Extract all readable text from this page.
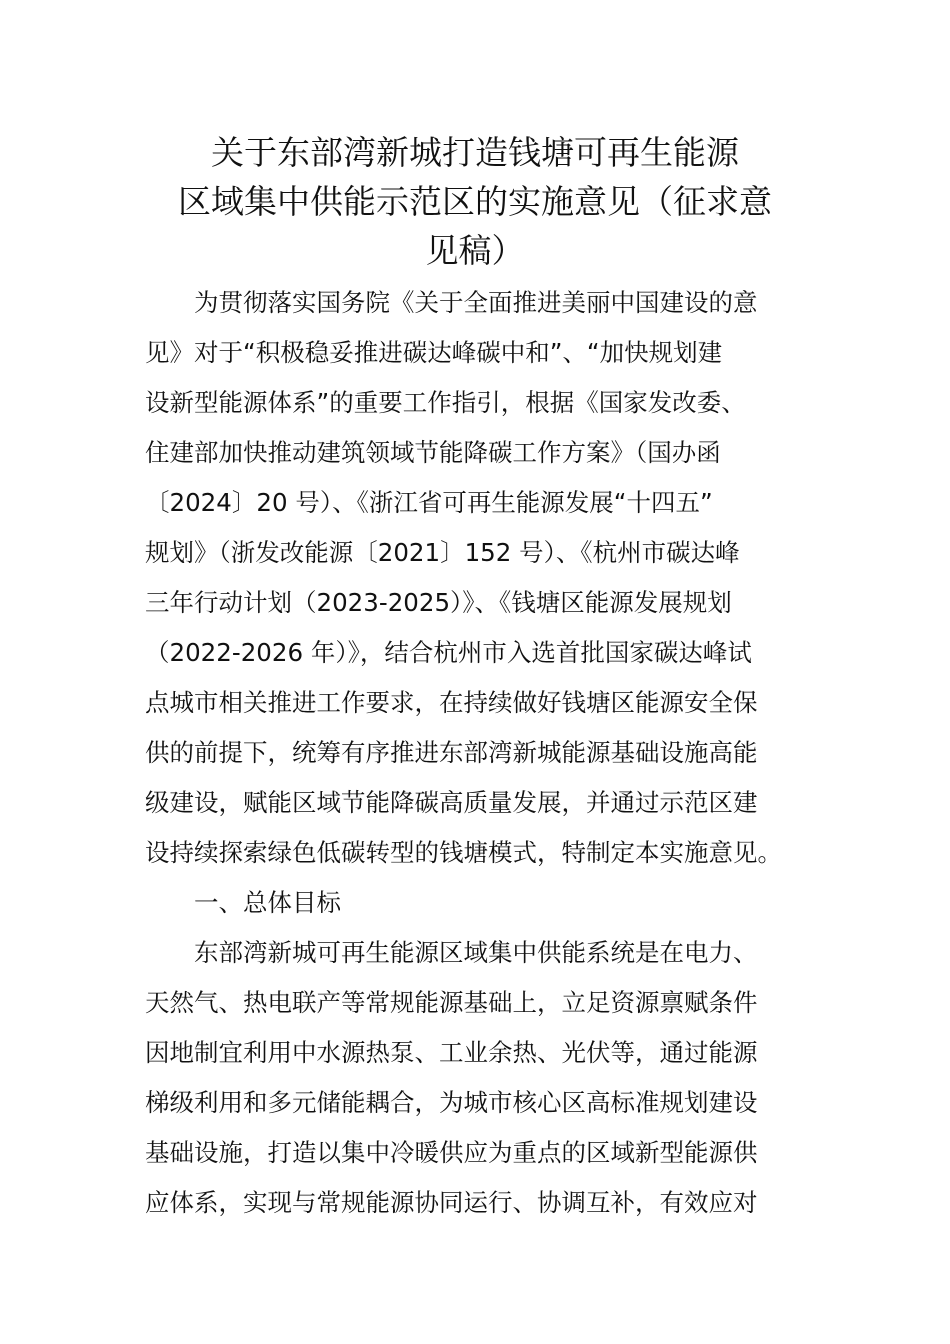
关于东部湾新城打造钱塘可再生能源
区域集中供能示范区的实施意见（征求意
见稿）
为贯彻落实国务院《关于全面推进美丽中国建设的意
见》对于“积极稳妥推进碳达峰碳中和”、“加快规划建
设新型能源体系”的重要工作指引，根据《国家发改委、
住建部加快推动建筑领域节能降碳工作方案》（国办函
〔2024〕20 号）、《浙江省可再生能源发展“十四五”
规划》（浙发改能源〔2021〕152 号）、《杭州市碳达峰
三年行动计划（2023-2025）》、《钱塘区能源发展规划
（2022-2026 年）》，结合杭州市入选首批国家碳达峰试
点城市相关推进工作要求，在持续做好钱塘区能源安全保
供的前提下，统筹有序推进东部湾新城能源基础设施高能
级建设，赋能区域节能降碳高质量发展，并通过示范区建
设持续探索绿色低碳转型的钱塘模式，特制定本实施意见。
一、总体目标
东部湾新城可再生能源区域集中供能系统是在电力、
天然气、热电联产等常规能源基础上，立足资源禀赋条件
因地制宜利用中水源热泵、工业余热、光伏等，通过能源
梯级利用和多元储能耦合，为城市核心区高标准规划建设
基础设施，打造以集中冷暖供应为重点的区域新型能源供
应体系，实现与常规能源协同运行、协调互补，有效应对
